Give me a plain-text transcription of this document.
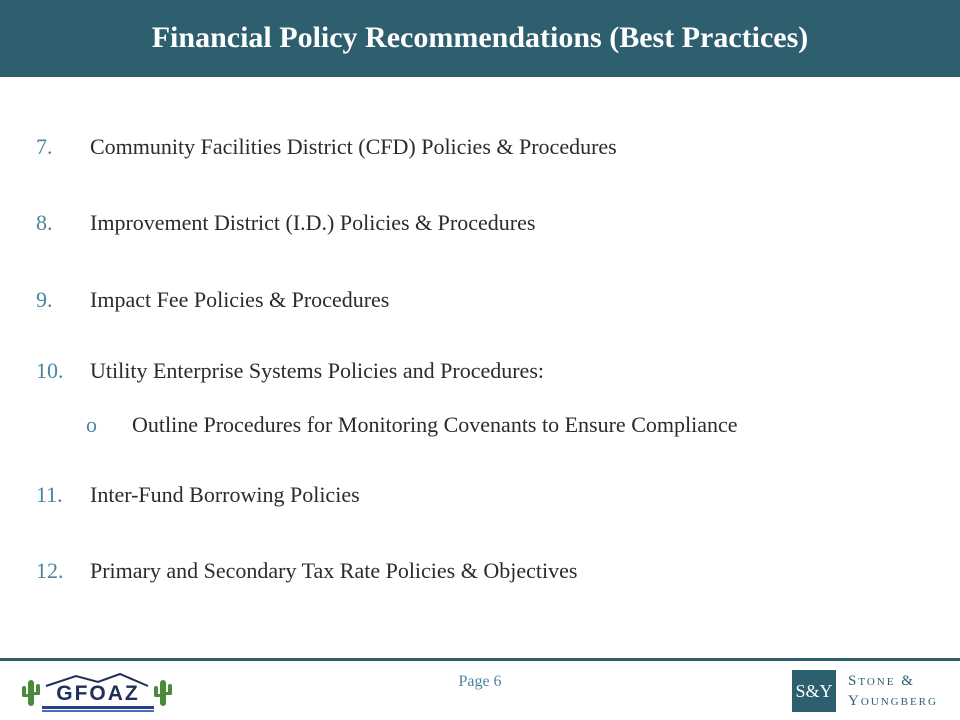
Financial Policy Recommendations (Best Practices)
7. Community Facilities District (CFD) Policies & Procedures
8. Improvement District (I.D.) Policies & Procedures
9. Impact Fee Policies & Procedures
10. Utility Enterprise Systems Policies and Procedures:
o Outline Procedures for Monitoring Covenants to Ensure Compliance
11. Inter-Fund Borrowing Policies
12. Primary and Secondary Tax Rate Policies & Objectives
GFOAZ
Page 6	S&Y Stone &
Youngberg
